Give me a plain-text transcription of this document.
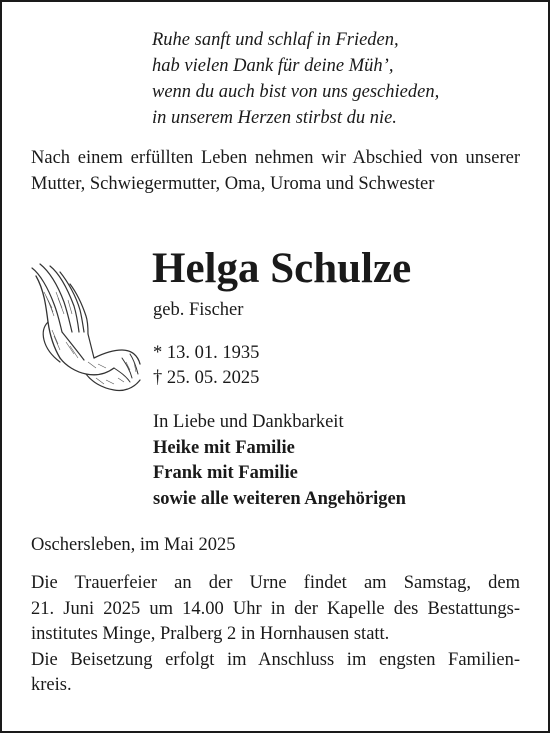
Ruhe sanft und schlaf in Frieden,
hab vielen Dank für deine Müh’,
wenn du auch bist von uns geschieden,
in unserem Herzen stirbst du nie.
Nach einem erfüllten Leben nehmen wir Abschied von unserer Mutter, Schwiegermutter, Oma, Uroma und Schwester
Helga Schulze
geb. Fischer
* 13. 01. 1935
† 25. 05. 2025
In Liebe und Dankbarkeit
Heike mit Familie
Frank mit Familie
sowie alle weiteren Angehörigen
Oschersleben, im Mai 2025
Die Trauerfeier an der Urne findet am Samstag, dem
21. Juni 2025 um 14.00 Uhr in der Kapelle des Bestattungs-
institutes Minge, Pralberg 2 in Hornhausen statt.
Die Beisetzung erfolgt im Anschluss im engsten Familien-
kreis.
